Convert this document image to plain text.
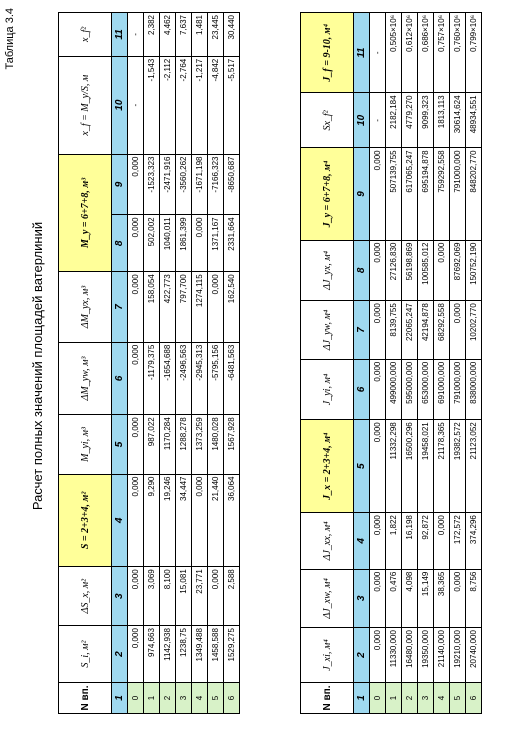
Таблица 3.4
Расчет полных значений площадей ватерлиний
N вп.	S_i, м²	ΔS_x, м²	S = 2+3+4, м²	M_yi, м³	ΔM_yw, м³	ΔM_yx, м³	M_y = 6+7+8, м³		x_f = M_y/S, м	x_f²
1	2	3	4	5	6	7	8	9	10	11
0	0,000	0,000	0,000	0,000	0,000	0,000	0,000	0,000	-	-
1	974,663	3,069	9,290	987,022	-1179,375	158,054	502,002	-1523,323	-1,543	2,382
2	1142,938	8,100	19,246	1170,284	-1654,688	422,773	1040,011	-2471,916	-2,112	4,462
3	1238,75	15,081	34,447	1288,278	-2496,563	797,700	1861,399	-3560,262	-2,764	7,637
4	1349,488	23,771	0,000	1373,259	-2945,313	1274,115	0,000	-1671,198	-1,217	1,481
5	1458,588	0,000	21,440	1480,028	-5795,156	0,000	1371,167	-7166,323	-4,842	23,445
6	1529,275	2,588	36,064	1567,928	-6481,563	162,540	2331,664	-8650,687	-5,517	30,440
N вп.	J_xi, м⁴	ΔJ_xw, м⁴	ΔJ_xx, м⁴	J_x = 2+3+4, м⁴	J_yi, м⁴	ΔJ_yw, м⁴	ΔJ_yx, м⁴	J_y = 6+7+8, м⁴	Sx_f²	J_f = 9-10, м⁴
1	2	3	4	5	6	7	8	9	10	11
0	0,000	0,000	0,000	0,000	0,000	0,000	0,000	0,000	-	-
1	11330,000	0,476	1,822	11332,298	499000,000	8139,755	27126,830	507139,755	2182,184	0,505×10⁶
2	16480,000	4,098	16,198	16500,296	595000,000	22065,247	56198,869	617065,247	4779,270	0,612×10⁶
3	19350,000	15,149	92,872	19458,021	653000,000	42194,878	100585,012	695194,878	9099,323	0,686×10⁶
4	21140,000	38,365	0,000	21178,365	691000,000	68292,558	0,000	759292,558	1813,113	0,757×10⁶
5	19210,000	0,000	172,572	19382,572	791000,000	0,000	87692,069	791000,000	30614,624	0,760×10⁶
6	20740,000	8,756	374,296	21123,052	838000,000	10202,770	150752,190	848202,770	48934,551	0,799×10⁶
